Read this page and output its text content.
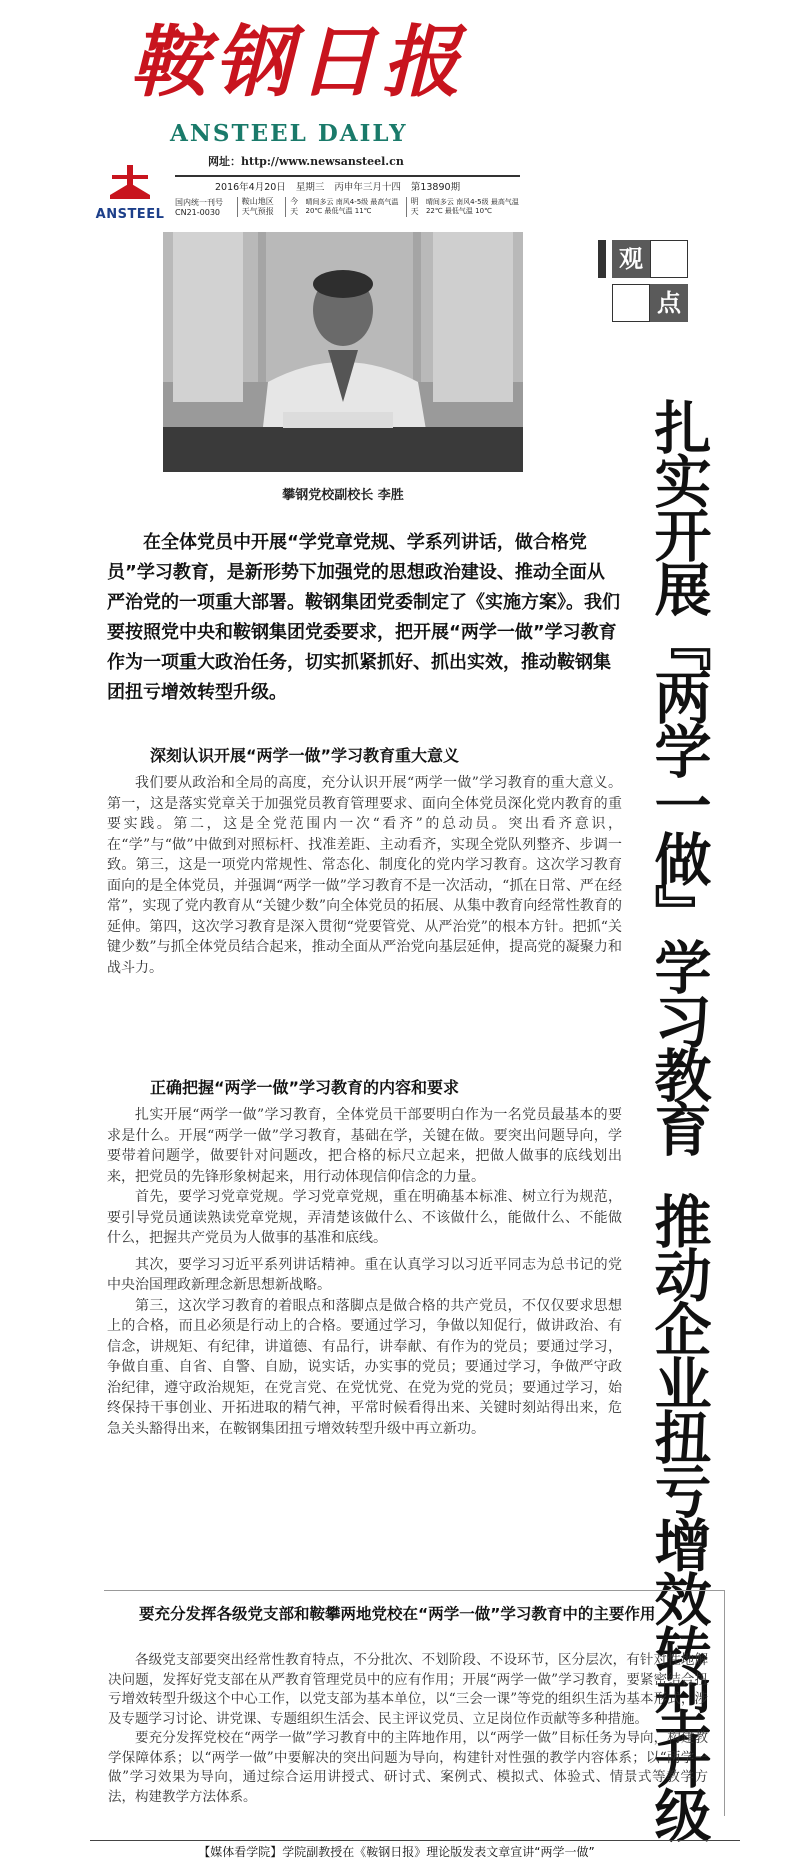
鞍钢日报
ANSTEEL DAILY
网址：http://www.newsansteel.cn
ANSTEEL
2016年4月20日 星期三 丙申年三月十四 第13890期
国内统一刊号 CN21-0030
鞍山地区天气预报
今天
晴间多云 南风4-5级 最高气温 20℃ 最低气温 11℃
明天
晴间多云 南风4-5级 最高气温 22℃ 最低气温 10℃
攀钢党校副校长 李胜
观
点
扎实开展『两学一做』学习教育
推动企业扭亏增效转型升级

在全体党员中开展“学党章党规、学系列讲话，做合格党员”学习教育，是新形势下加强党的思想政治建设、推动全面从严治党的一项重大部署。鞍钢集团党委制定了《实施方案》。我们要按照党中央和鞍钢集团党委要求，把开展“两学一做”学习教育作为一项重大政治任务，切实抓紧抓好、抓出实效，推动鞍钢集团扭亏增效转型升级。

深刻认识开展“两学一做”学习教育重大意义

我们要从政治和全局的高度，充分认识开展“两学一做”学习教育的重大意义。第一，这是落实党章关于加强党员教育管理要求、面向全体党员深化党内教育的重要实践。第二，这是全党范围内一次“看齐”的总动员。突出看齐意识，在“学”与“做”中做到对照标杆、找准差距、主动看齐，实现全党队列整齐、步调一致。第三，这是一项党内常规性、常态化、制度化的党内学习教育。这次学习教育面向的是全体党员，并强调“两学一做”学习教育不是一次活动，“抓在日常、严在经常”，实现了党内教育从“关键少数”向全体党员的拓展、从集中教育向经常性教育的延伸。第四，这次学习教育是深入贯彻“党要管党、从严治党”的根本方针。把抓“关键少数”与抓全体党员结合起来，推动全面从严治党向基层延伸，提高党的凝聚力和战斗力。

正确把握“两学一做”学习教育的内容和要求

扎实开展“两学一做”学习教育，全体党员干部要明白作为一名党员最基本的要求是什么。开展“两学一做”学习教育，基础在学，关键在做。要突出问题导向，学要带着问题学，做要针对问题改，把合格的标尺立起来，把做人做事的底线划出来，把党员的先锋形象树起来，用行动体现信仰信念的力量。

首先，要学习党章党规。学习党章党规，重在明确基本标准、树立行为规范，要引导党员通读熟读党章党规，弄清楚该做什么、不该做什么，能做什么、不能做什么，把握共产党员为人做事的基准和底线。

其次，要学习习近平系列讲话精神。重在认真学习以习近平同志为总书记的党中央治国理政新理念新思想新战略。

第三，这次学习教育的着眼点和落脚点是做合格的共产党员，不仅仅要求思想上的合格，而且必须是行动上的合格。要通过学习，争做以知促行，做讲政治、有信念，讲规矩、有纪律，讲道德、有品行，讲奉献、有作为的党员；要通过学习，争做自重、自省、自警、自励，说实话，办实事的党员；要通过学习，争做严守政治纪律，遵守政治规矩，在党言党、在党忧党、在党为党的党员；要通过学习，始终保持干事创业、开拓进取的精气神，平常时候看得出来、关键时刻站得出来，危急关头豁得出来，在鞍钢集团扭亏增效转型升级中再立新功。

要充分发挥各级党支部和鞍攀两地党校在“两学一做”学习教育中的主要作用

各级党支部要突出经常性教育特点，不分批次、不划阶段、不设环节，区分层次，有针对性地解决问题，发挥好党支部在从严教育管理党员中的应有作用；开展“两学一做”学习教育，要紧密结合扭亏增效转型升级这个中心工作，以党支部为基本单位，以“三会一课”等党的组织生活为基本形式，涉及专题学习讨论、讲党课、专题组织生活会、民主评议党员、立足岗位作贡献等多种措施。

要充分发挥党校在“两学一做”学习教育中的主阵地作用，以“两学一做”目标任务为导向，构建教学保障体系；以“两学一做”中要解决的突出问题为导向，构建针对性强的教学内容体系；以“两学一做”学习效果为导向，通过综合运用讲授式、研讨式、案例式、模拟式、体验式、情景式等教学方法，构建教学方法体系。

【媒体看学院】学院副教授在《鞍钢日报》理论版发表文章宣讲“两学一做”
